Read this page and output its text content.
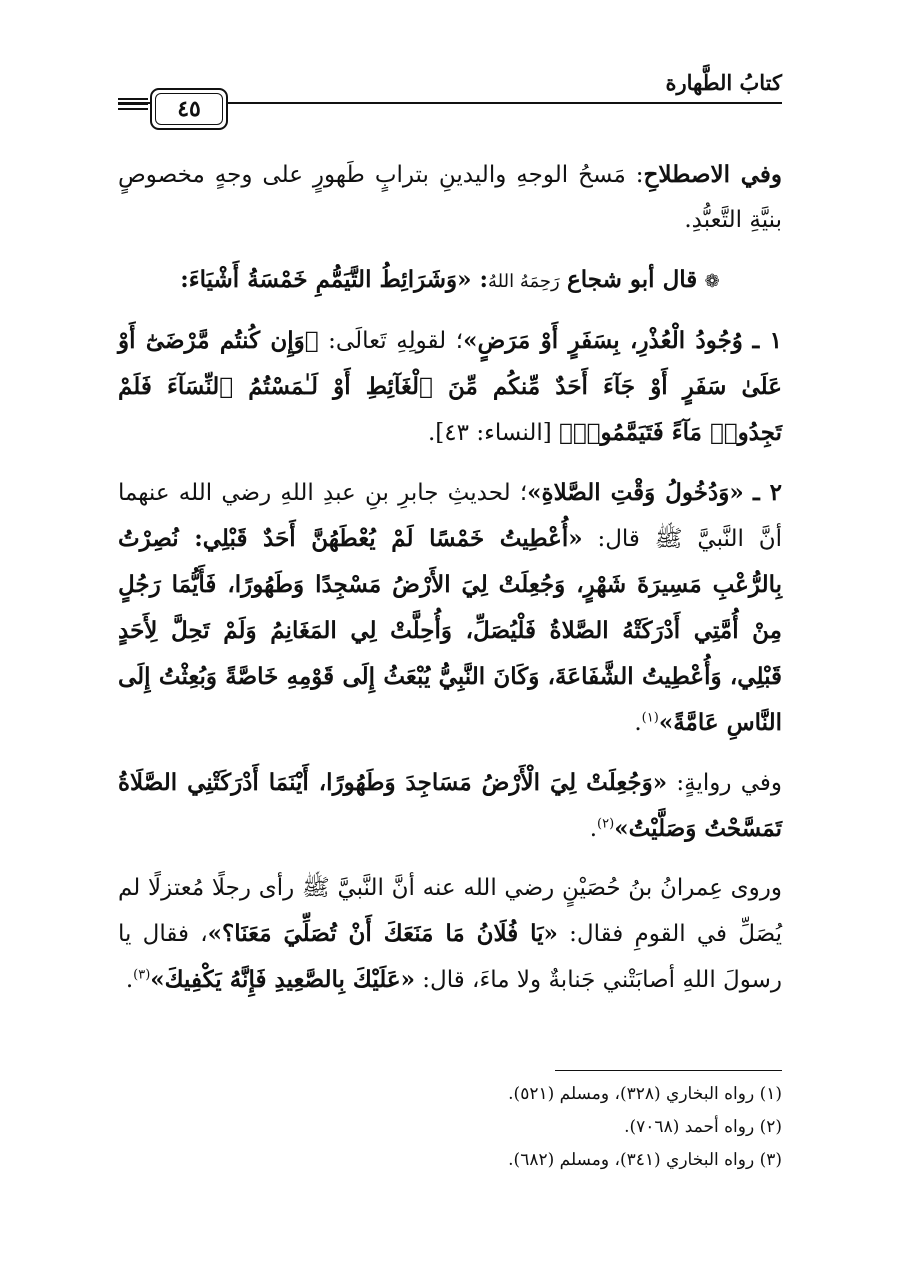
كتابُ الطَّهارة
٤٥

وفي الاصطلاحِ: مَسحُ الوجهِ واليدينِ بترابٍ طَهورٍ على وجهٍ مخصوصٍ بنيَّةِ التَّعبُّدِ.

❁ قال أبو شجاع رَحِمَهُ اللهُ: «وَشَرَائِطُ التَّيَمُّمِ خَمْسَةُ أَشْيَاءَ:

١ ـ وُجُودُ الْعُذْرِ، بِسَفَرٍ أَوْ مَرَضٍ»؛ لقولِهِ تَعالَى: ﴿وَإِن كُنتُم مَّرْضَىٰٓ أَوْ عَلَىٰ سَفَرٍ أَوْ جَآءَ أَحَدٌ مِّنكُم مِّنَ ٱلْغَآئِطِ أَوْ لَـٰمَسْتُمُ ٱلنِّسَآءَ فَلَمْ تَجِدُوا۟ مَآءً فَتَيَمَّمُوا۟﴾ [النساء: ٤٣].

٢ ـ «وَدُخُولُ وَقْتِ الصَّلاةِ»؛ لحديثِ جابرِ بنِ عبدِ اللهِ رضي الله عنهما أنَّ النَّبيَّ ﷺ قال: «أُعْطِيتُ خَمْسًا لَمْ يُعْطَهُنَّ أَحَدٌ قَبْلِي: نُصِرْتُ بِالرُّعْبِ مَسِيرَةَ شَهْرٍ، وَجُعِلَتْ لِيَ الأَرْضُ مَسْجِدًا وَطَهُورًا، فَأَيُّمَا رَجُلٍ مِنْ أُمَّتِي أَدْرَكَتْهُ الصَّلاةُ فَلْيُصَلِّ، وَأُحِلَّتْ لِي المَغَانِمُ وَلَمْ تَحِلَّ لِأَحَدٍ قَبْلِي، وَأُعْطِيتُ الشَّفَاعَةَ، وَكَانَ النَّبِيُّ يُبْعَثُ إِلَى قَوْمِهِ خَاصَّةً وَبُعِثْتُ إِلَى النَّاسِ عَامَّةً»$^{(١)}$.

وفي روايةٍ: «وَجُعِلَتْ لِيَ الْأَرْضُ مَسَاجِدَ وَطَهُورًا، أَيْنَمَا أَدْرَكَتْنِي الصَّلَاةُ تَمَسَّحْتُ وَصَلَّيْتُ»$^{(٢)}$.

وروى عِمرانُ بنُ حُصَيْنٍ رضي الله عنه أنَّ النَّبيَّ ﷺ رأى رجلًا مُعتزلًا لم يُصَلِّ في القومِ فقال: «يَا فُلَانُ مَا مَنَعَكَ أَنْ تُصَلِّيَ مَعَنَا؟»، فقال يا رسولَ اللهِ أصابَتْني جَنابةٌ ولا ماءَ، قال: «عَلَيْكَ بِالصَّعِيدِ فَإِنَّهُ يَكْفِيكَ»$^{(٣)}$.

(١) رواه البخاري (٣٢٨)، ومسلم (٥٢١).
(٢) رواه أحمد (٧٠٦٨).
(٣) رواه البخاري (٣٤١)، ومسلم (٦٨٢).
